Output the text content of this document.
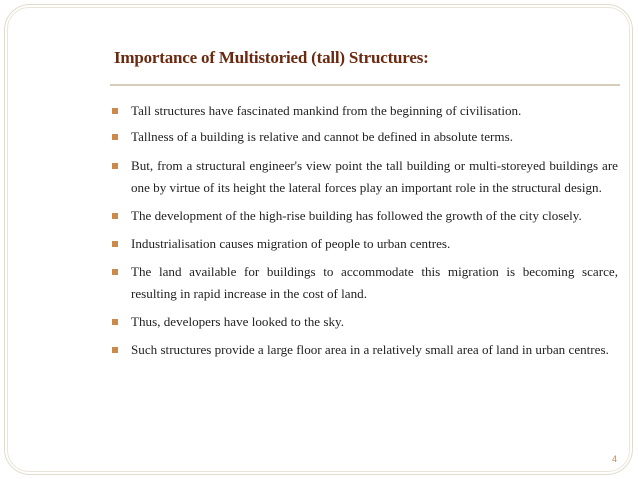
Importance of Multistoried (tall) Structures:
Tall structures have fascinated mankind from the beginning of civilisation.
Tallness of a building is relative and cannot be defined in absolute terms.
But, from a structural engineer's view point the tall building or multi-storeyed buildings are one by virtue of its height the lateral forces play an important role in the structural design.
The development of the high-rise building has followed the growth of the city closely.
Industrialisation causes migration of people to urban centres.
The land available for buildings to accommodate this migration is becoming scarce, resulting in rapid increase in the cost of land.
Thus, developers have looked to the sky.
Such structures provide a large floor area in a relatively small area of land in urban centres.
4
